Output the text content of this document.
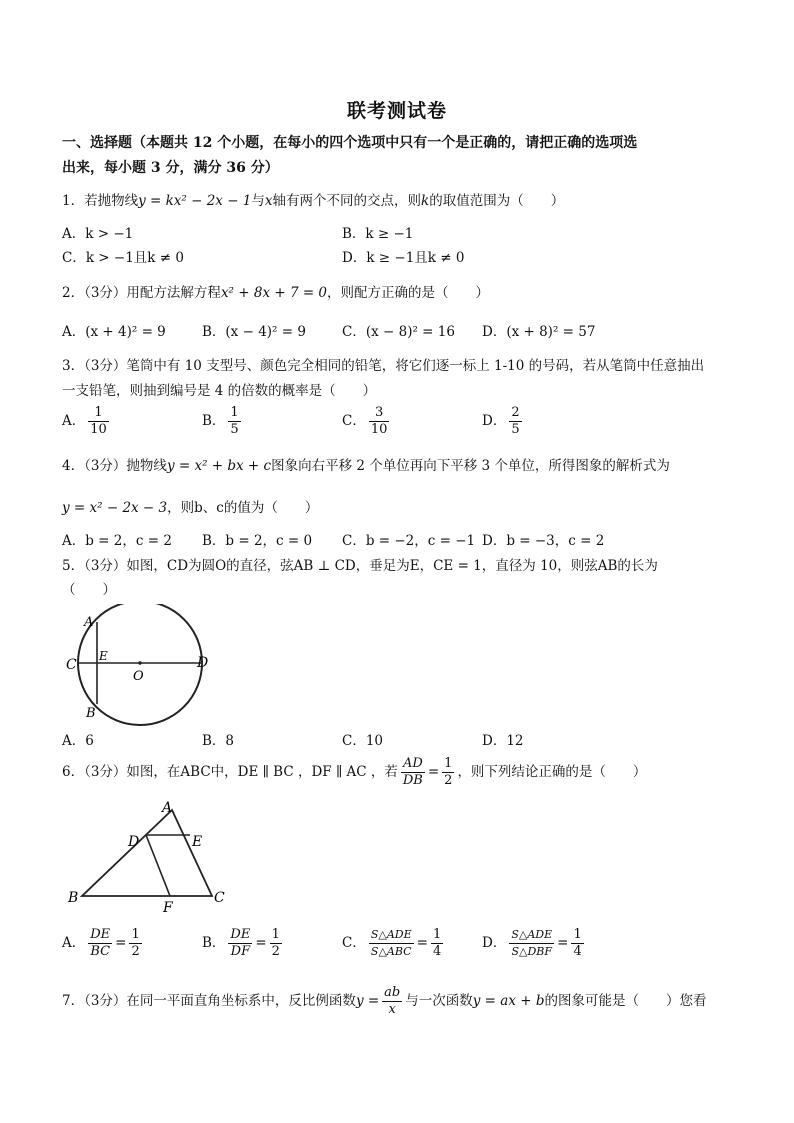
联考测试卷
一、选择题（本题共 12 个小题，在每小的四个选项中只有一个是正确的，请把正确的选项选
出来，每小题 3 分，满分 36 分）
1．若抛物线y = kx² − 2x − 1与x轴有两个不同的交点，则k的取值范围为（　　）
A．k > −1	B．k ≥ −1
C．k > −1且k ≠ 0	D．k ≥ −1且k ≠ 0
2．（3分）用配方法解方程x² + 8x + 7 = 0，则配方正确的是（　　）
A．(x + 4)² = 9	B．(x − 4)² = 9	C．(x − 8)² = 16 D．(x + 8)² = 57
3．（3分）笔筒中有 10 支型号、颜色完全相同的铅笔，将它们逐一标上 1-10 的号码，若从笔筒中任意抽出
一支铅笔，则抽到编号是 4 的倍数的概率是（　　）
A． $\frac{1}{10}$	B． $\frac{1}{5}$	C． $\frac{3}{10}$	D． $\frac{2}{5}$
4．（3分）抛物线y = x² + bx + c图象向右平移 2 个单位再向下平移 3 个单位，所得图象的解析式为
y = x² − 2x − 3，则b、c的值为（　　）
A．b = 2，c = 2 B．b = 2，c = 0 C．b = −2，c = −1 D．b = −3，c = 2
5．（3分）如图，CD为圆O的直径，弦AB ⊥ CD，垂足为E，CE = 1，直径为 10，则弦AB的长为
（　　）
A
B
C	D
E
O
A．6	B．8	C．10	D．12
6．（3分）如图，在ABC中，DE ∥ BC ，DF ∥ AC ，若 $\frac{AD}{DB} = \frac{1}{2}$ ，则下列结论正确的是（　　）
A
B	C
D	E
F
A． $\frac{DE}{BC} = \frac{1}{2}$	B． $\frac{DE}{DF} = \frac{1}{2}$	C． $\frac{\text{S△ADE}}{\text{S△ABC}} = \frac{1}{4}$	D． $\frac{\text{S△ADE}}{\text{S△DBF}} = \frac{1}{4}$
7．（3分）在同一平面直角坐标系中，反比例函数$y = \frac{ab}{x}$ 与一次函数y = ax + b的图象可能是（　　）您看
